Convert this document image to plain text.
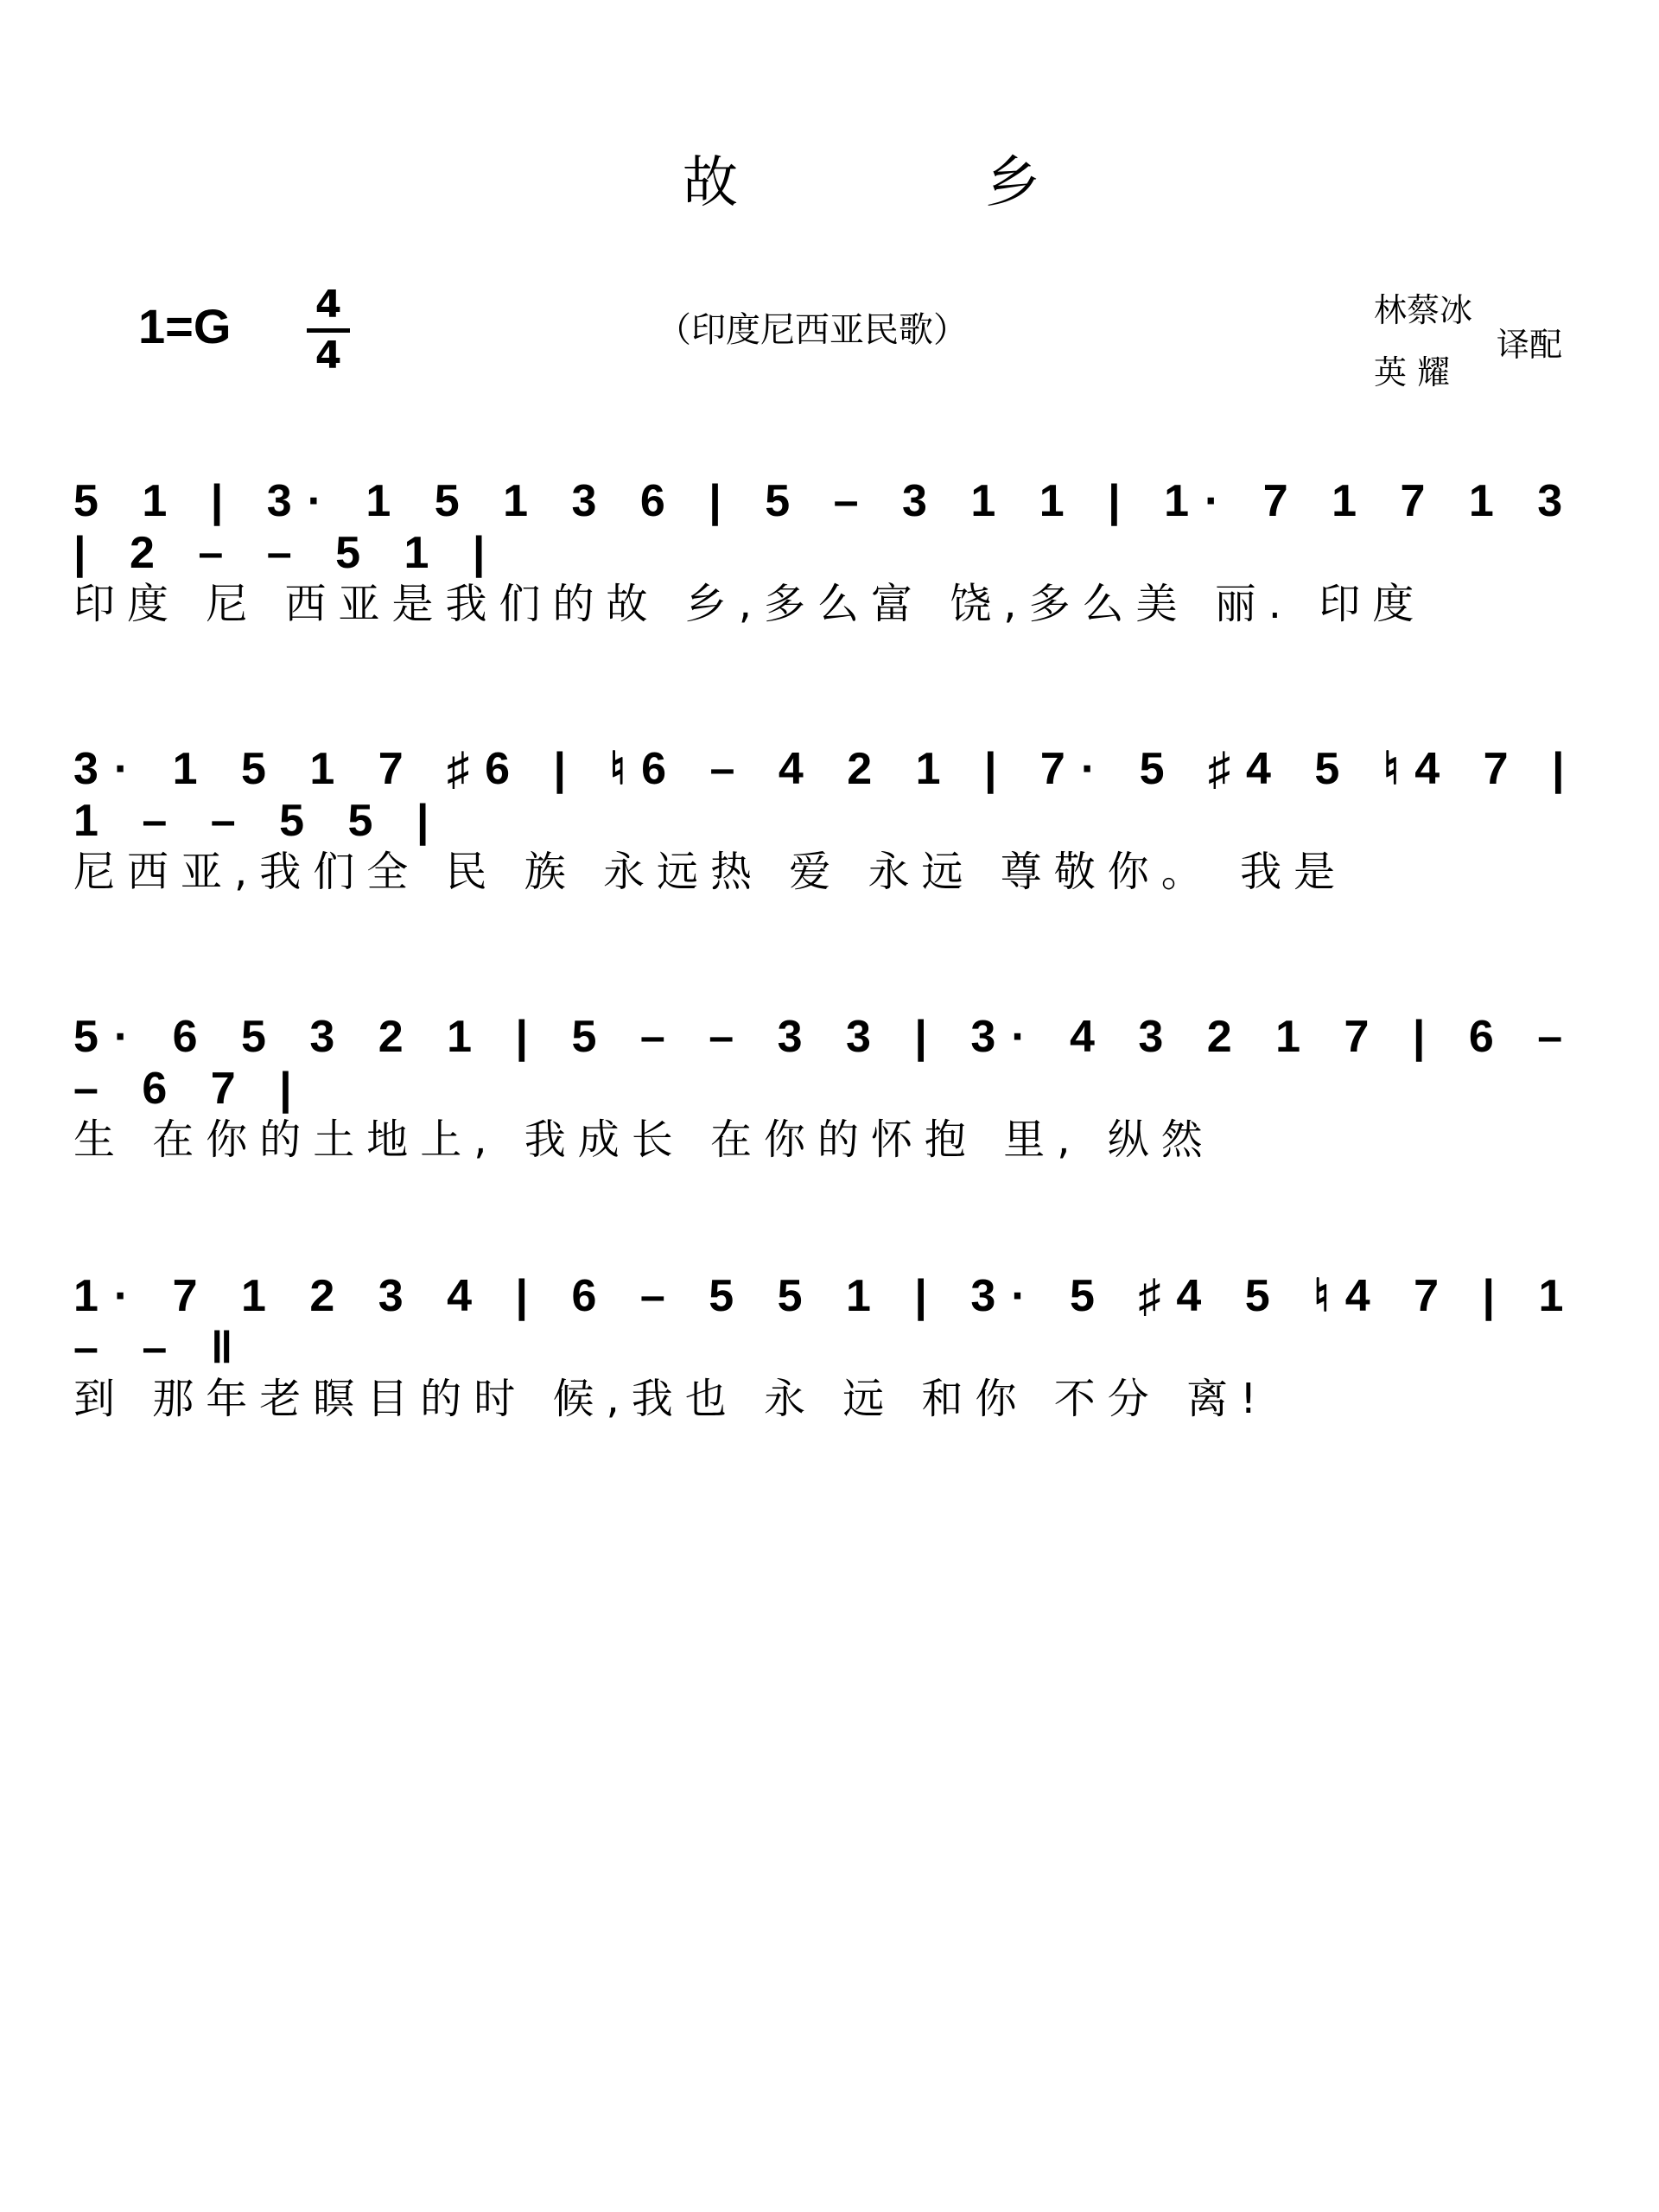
故	乡
1=G 4
4
（印度尼西亚民歌）	林蔡冰
英 耀
译配
5 1 | 3· 1 5 1 3 6 | 5 – 3 1 1 | 1· 7 1 7 1 3 | 2 – – 5 1 |
印度 尼 西亚是我们的故 乡,多么富 饶,多么美 丽. 印度
3· 1 5 1 7 ♯6 | ♮6 – 4 2 1 | 7· 5 ♯4 5 ♮4 7 | 1 – – 5 5 |
尼西亚,我们全 民 族 永远热 爱 永远 尊敬你。 我是
5· 6 5 3 2 1 | 5 – – 3 3 | 3· 4 3 2 1 7 | 6 – – 6 7 |
生 在你的土地上, 我成长 在你的怀抱 里, 纵然
1· 7 1 2 3 4 | 6 – 5 5 1 | 3· 5 ♯4 5 ♮4 7 | 1 – – ‖
到 那年老瞑目的时 候,我也 永 远 和你 不分 离!
